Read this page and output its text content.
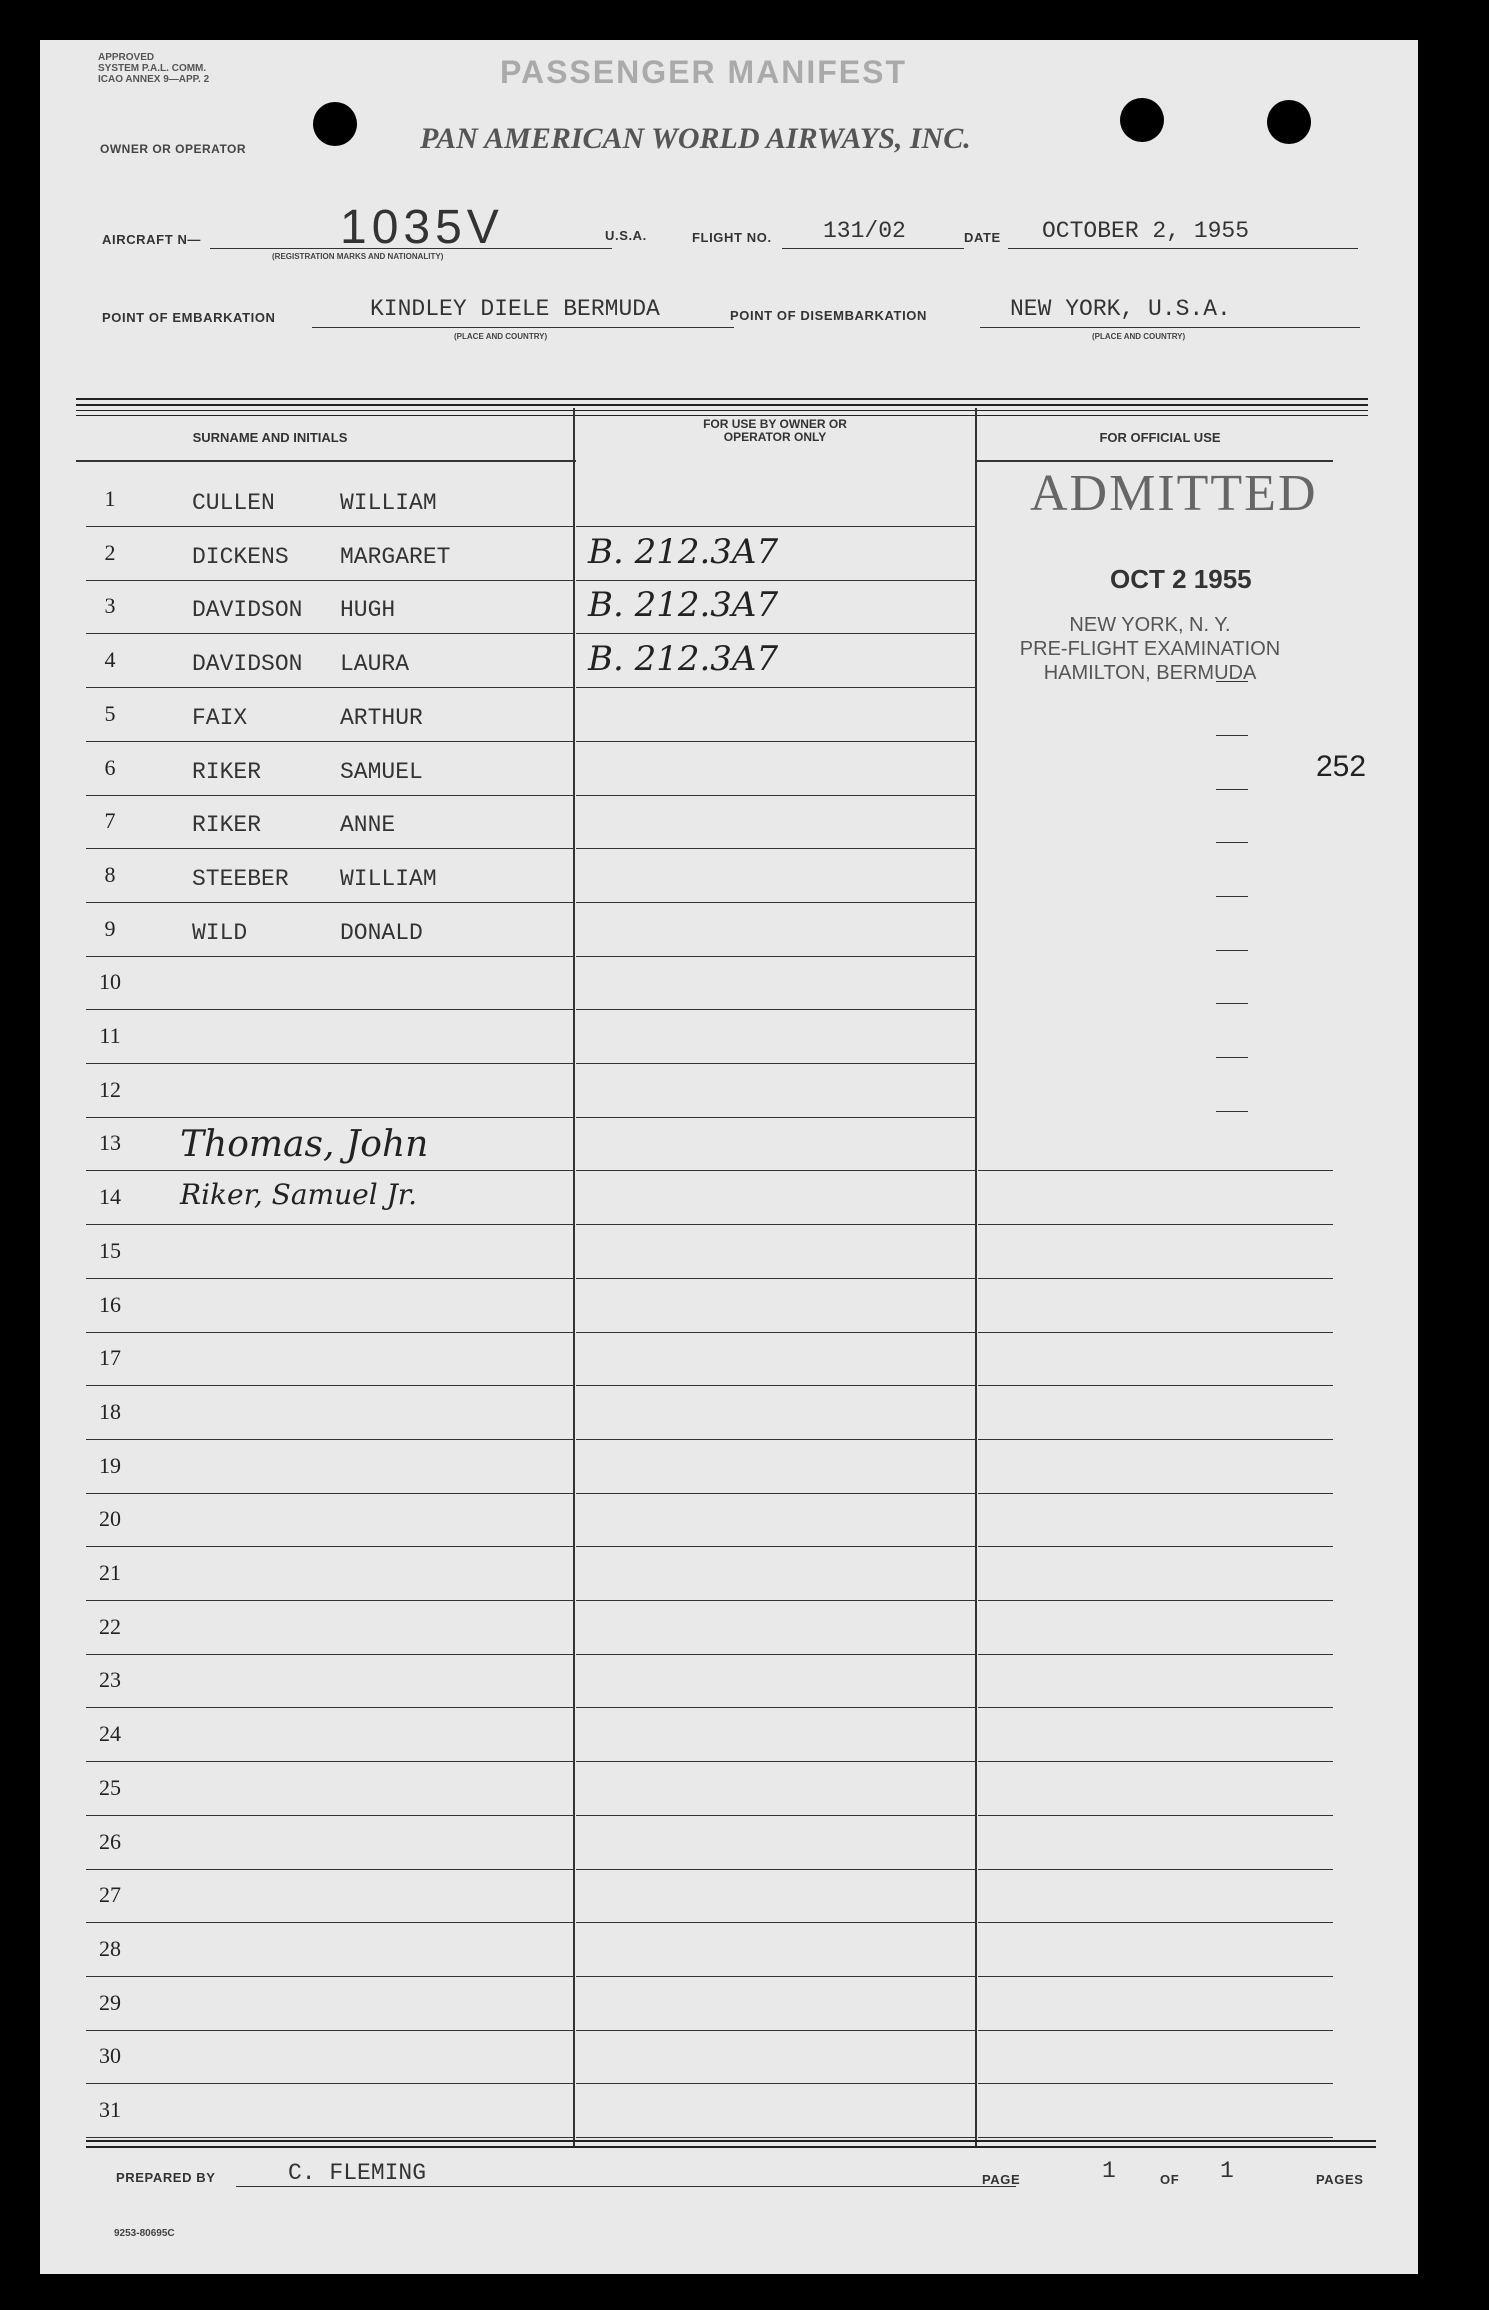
APPROVED
SYSTEM P.A.L. COMM.
ICAO ANNEX 9—APP. 2	PASSENGER MANIFEST
OWNER OR OPERATOR	PAN AMERICAN WORLD AIRWAYS, INC.
AIRCRAFT N—	1035V
(REGISTRATION MARKS AND NATIONALITY)
U.S.A.	FLIGHT NO. 131/02	DATE OCTOBER 2, 1955
POINT OF EMBARKATION	KINDLEY DIELE BERMUDA
(PLACE AND COUNTRY)
POINT OF DISEMBARKATION	NEW YORK, U.S.A.
(PLACE AND COUNTRY)
SURNAME AND INITIALS
FOR USE BY OWNER OR OPERATOR ONLY	FOR OFFICIAL USE
1	CULLEN	WILLIAM
2	DICKENS MARGARET	B. 212.3A7
3	DAVIDSON HUGH	B. 212.3A7
4	DAVIDSON LAURA	B. 212.3A7
5	FAIX	ARTHUR
6	RIKER	SAMUEL
7	RIKER	ANNE
8	STEEBER WILLIAM
9	WILD	DONALD
10
11
12
13 Thomas, John
14	Riker, Samuel Jr.
15
16
17
18
19
20
21
22
23
24
25
26
27
28
29
30
31
ADMITTED
OCT 2 1955
NEW YORK, N. Y.
PRE-FLIGHT EXAMINATION
HAMILTON, BERMUDA
252
PREPARED BY	C. FLEMING	PAGE	1	OF 1	PAGES
9253-80695C
